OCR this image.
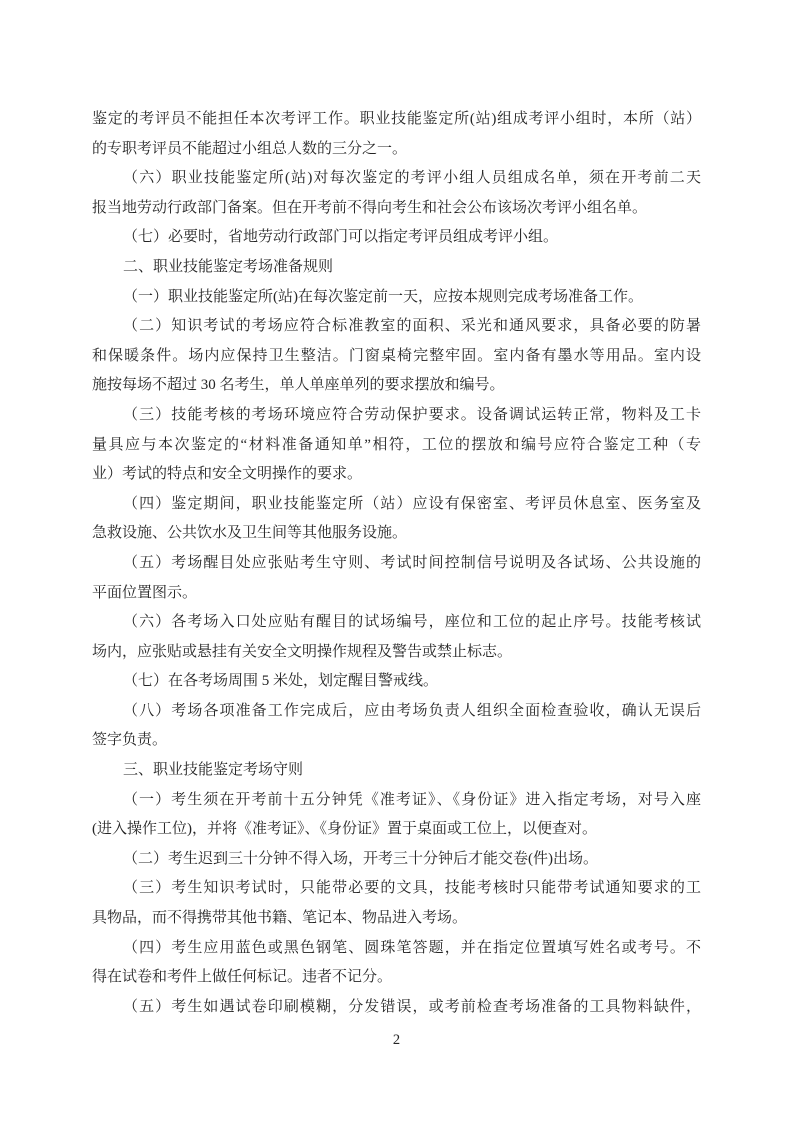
鉴定的考评员不能担任本次考评工作。职业技能鉴定所(站)组成考评小组时，本所（站）
的专职考评员不能超过小组总人数的三分之一。
（六）职业技能鉴定所(站)对每次鉴定的考评小组人员组成名单，须在开考前二天
报当地劳动行政部门备案。但在开考前不得向考生和社会公布该场次考评小组名单。
（七）必要时，省地劳动行政部门可以指定考评员组成考评小组。
二、职业技能鉴定考场准备规则
（一）职业技能鉴定所(站)在每次鉴定前一天，应按本规则完成考场准备工作。
（二）知识考试的考场应符合标准教室的面积、采光和通风要求，具备必要的防暑
和保暖条件。场内应保持卫生整洁。门窗桌椅完整牢固。室内备有墨水等用品。室内设
施按每场不超过 30 名考生，单人单座单列的要求摆放和编号。
（三）技能考核的考场环境应符合劳动保护要求。设备调试运转正常，物料及工卡
量具应与本次鉴定的“材料准备通知单”相符，工位的摆放和编号应符合鉴定工种（专
业）考试的特点和安全文明操作的要求。
（四）鉴定期间，职业技能鉴定所（站）应设有保密室、考评员休息室、医务室及
急救设施、公共饮水及卫生间等其他服务设施。
（五）考场醒目处应张贴考生守则、考试时间控制信号说明及各试场、公共设施的
平面位置图示。
（六）各考场入口处应贴有醒目的试场编号，座位和工位的起止序号。技能考核试
场内，应张贴或悬挂有关安全文明操作规程及警告或禁止标志。
（七）在各考场周围 5 米处，划定醒目警戒线。
（八）考场各项准备工作完成后，应由考场负责人组织全面检查验收，确认无误后
签字负责。
三、职业技能鉴定考场守则
（一）考生须在开考前十五分钟凭《准考证》、《身份证》进入指定考场，对号入座
(进入操作工位)，并将《准考证》、《身份证》置于桌面或工位上，以便查对。
（二）考生迟到三十分钟不得入场，开考三十分钟后才能交卷(件)出场。
（三）考生知识考试时，只能带必要的文具，技能考核时只能带考试通知要求的工
具物品，而不得携带其他书籍、笔记本、物品进入考场。
（四）考生应用蓝色或黑色钢笔、圆珠笔答题，并在指定位置填写姓名或考号。不
得在试卷和考件上做任何标记。违者不记分。
（五）考生如遇试卷印刷模糊，分发错误，或考前检查考场准备的工具物料缺件，
2
